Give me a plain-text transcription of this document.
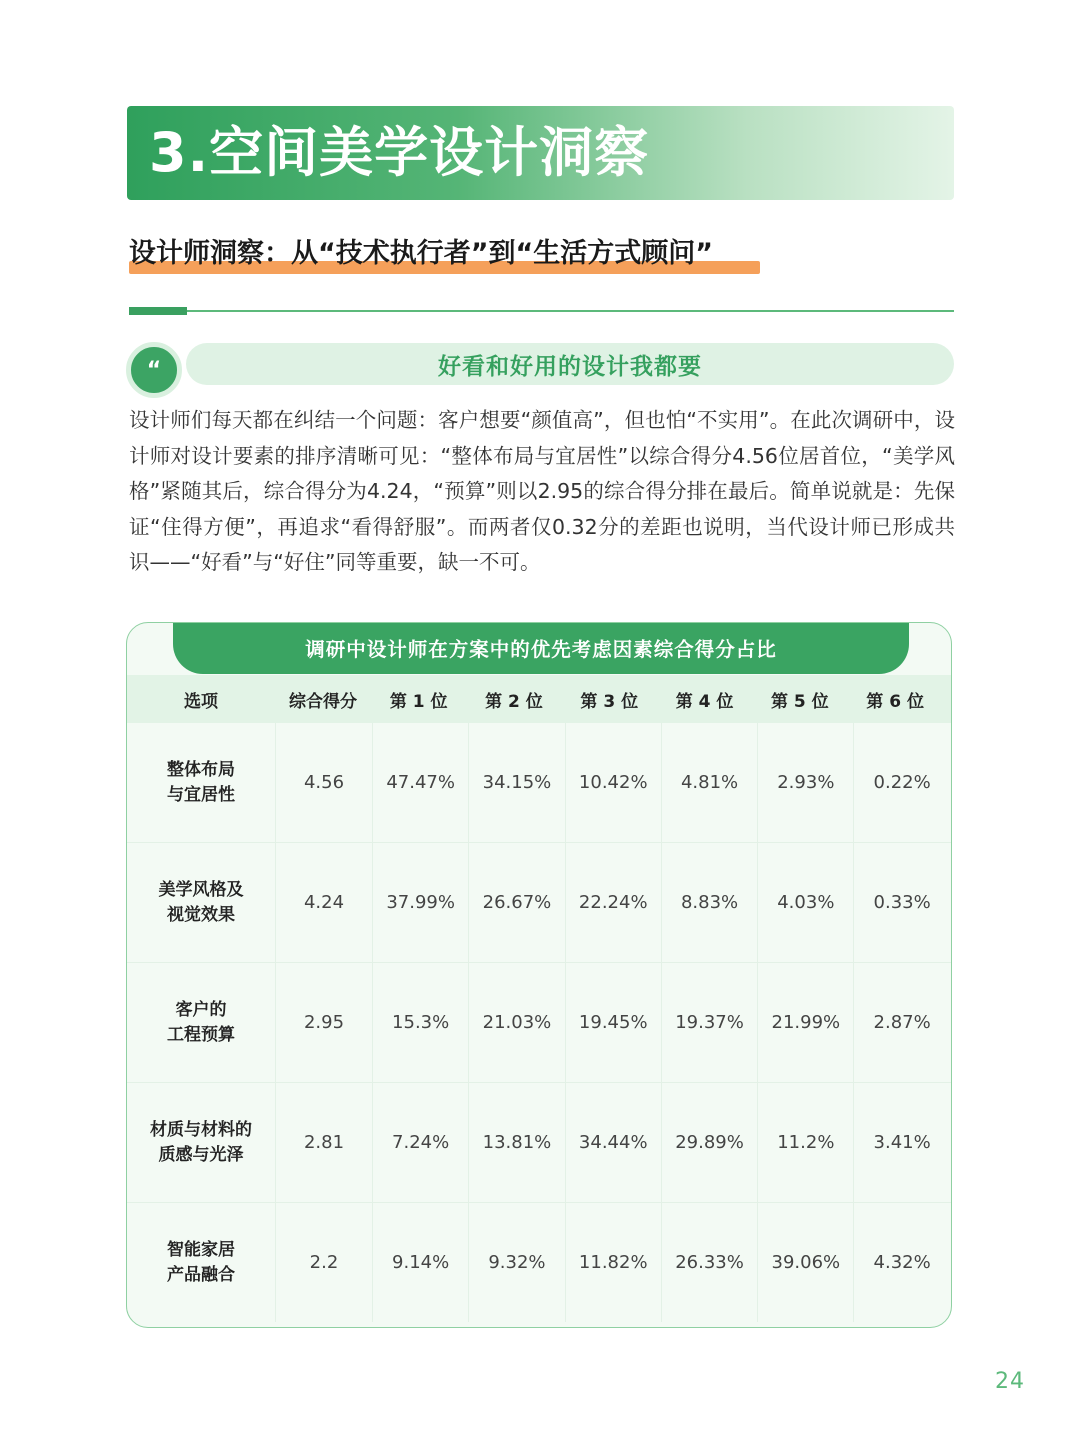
3.空间美学设计洞察
设计师洞察：从“技术执行者”到“生活方式顾问”
“	好看和好用的设计我都要
设计师们每天都在纠结一个问题：客户想要“颜值高”，但也怕“不实用”。在此次调研中，设计师对设计要素的排序清晰可见：“整体布局与宜居性”以综合得分4.56位居首位，“美学风格”紧随其后，综合得分为4.24，“预算”则以2.95的综合得分排在最后。简单说就是：先保证“住得方便”，再追求“看得舒服”。而两者仅0.32分的差距也说明，当代设计师已形成共识——“好看”与“好住”同等重要，缺一不可。
调研中设计师在方案中的优先考虑因素综合得分占比
选项	综合得分	第 1 位	第 2 位	第 3 位	第 4 位	第 5 位	第 6 位
整体布局
与宜居性
4.56	47.47%	34.15%	10.42%	4.81%	2.93%	0.22%
美学风格及
视觉效果
4.24	37.99%	26.67%	22.24%	8.83%	4.03%	0.33%
客户的
工程预算
2.95	15.3%	21.03%	19.45%	19.37%	21.99%	2.87%
材质与材料的
质感与光泽
2.81	7.24%	13.81%	34.44%	29.89%	11.2%	3.41%
智能家居
产品融合
2.2	9.14%	9.32%	11.82%	26.33%	39.06%	4.32%
24
